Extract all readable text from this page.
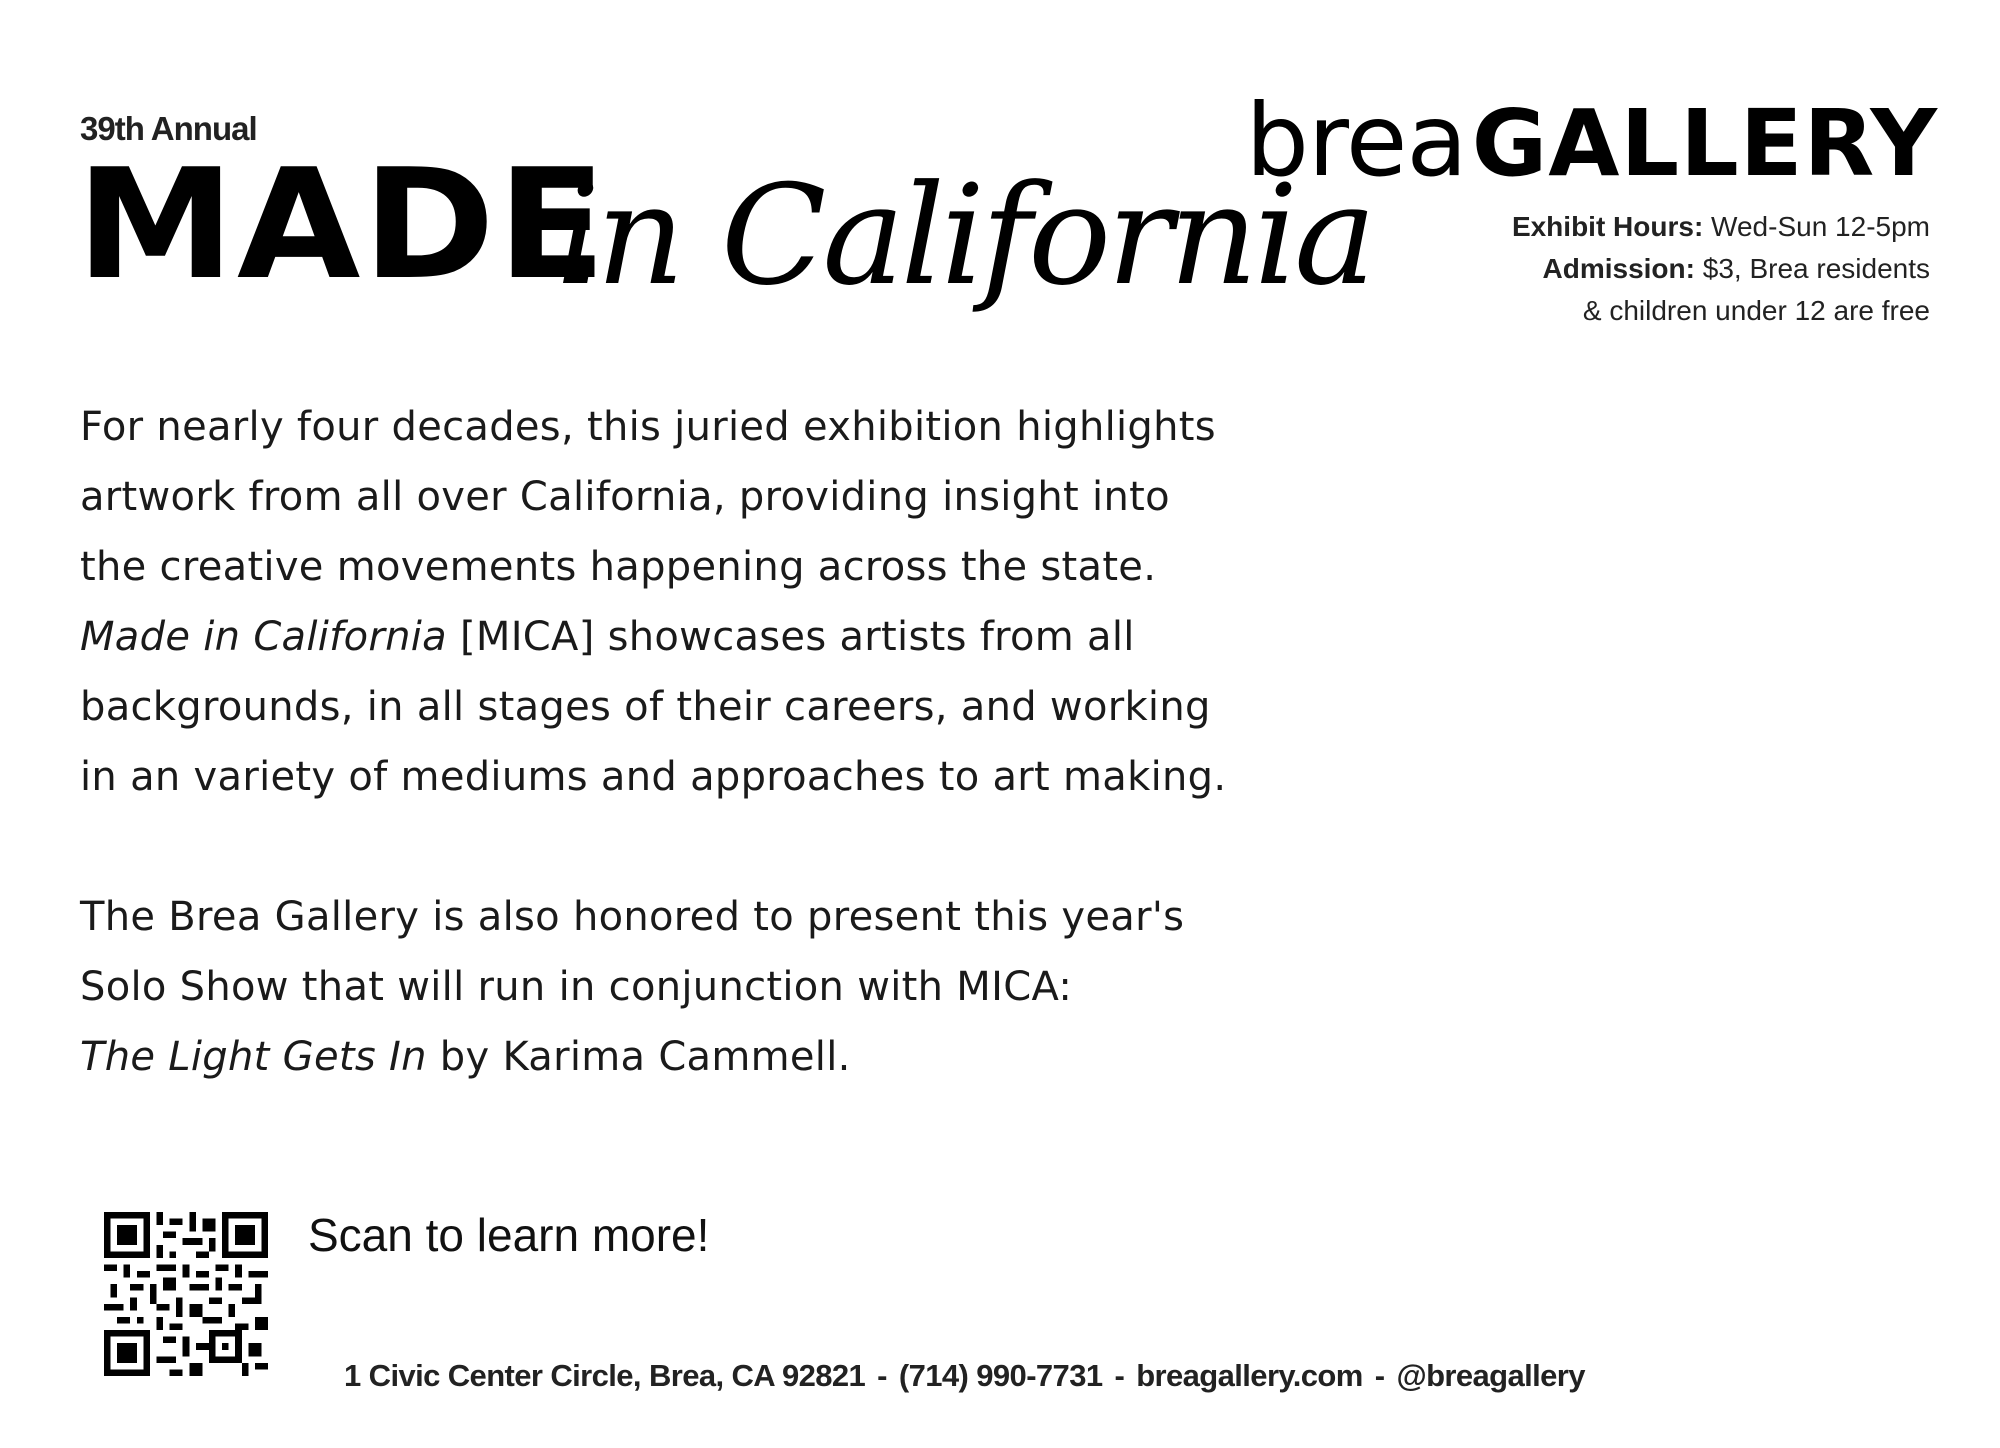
39th Annual
MADE
in California
brea GALLERY
Exhibit Hours: Wed-Sun 12-5pm
Admission: $3, Brea residents
& children under 12 are free

For nearly four decades, this juried exhibition highlights artwork from all over California, providing insight into the creative movements happening across the state. Made in California [MICA] showcases artists from all backgrounds, in all stages of their careers, and working in an variety of mediums and approaches to art making.

The Brea Gallery is also honored to present this year's Solo Show that will run in conjunction with MICA:
The Light Gets In by Karima Cammell.

Scan to learn more!
1 Civic Center Circle, Brea, CA 92821 - (714) 990-7731 - breagallery.com - @breagallery
